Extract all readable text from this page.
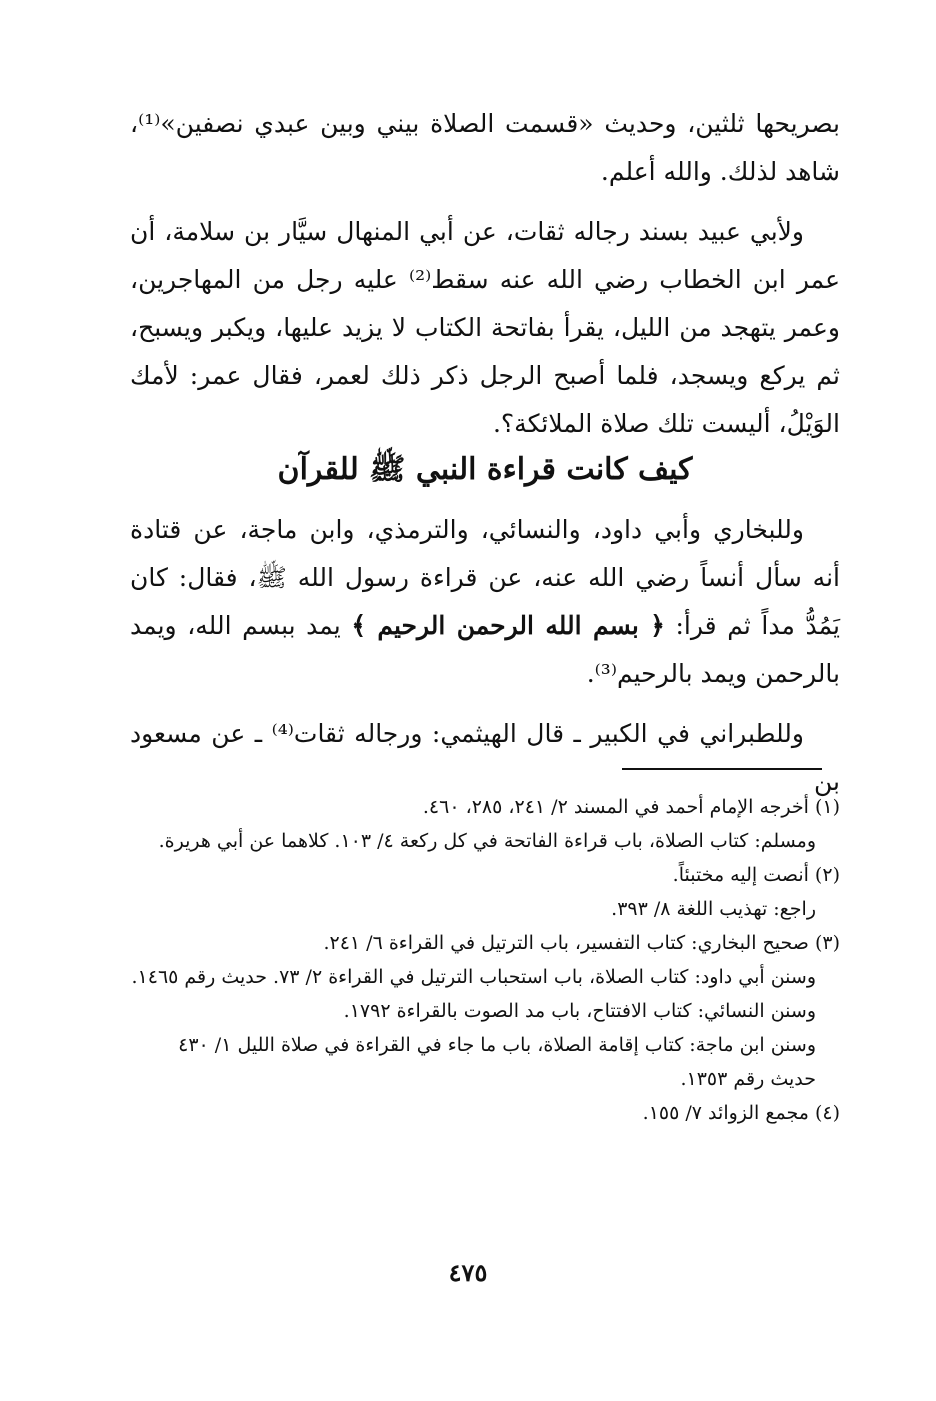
بصريحها ثلثين، وحديث «قسمت الصلاة بيني وبين عبدي نصفين»⁽¹⁾، شاهد لذلك. والله أعلم.

ولأبي عبيد بسند رجاله ثقات، عن أبي المنهال سيَّار بن سلامة، أن عمر ابن الخطاب رضي الله عنه سقط⁽²⁾ عليه رجل من المهاجرين، وعمر يتهجد من الليل، يقرأ بفاتحة الكتاب لا يزيد عليها، ويكبر ويسبح، ثم يركع ويسجد، فلما أصبح الرجل ذكر ذلك لعمر، فقال عمر: لأمك الوَيْلُ، أليست تلك صلاة الملائكة؟.

كيف كانت قراءة النبي ﷺ للقرآن

وللبخاري وأبي داود، والنسائي، والترمذي، وابن ماجة، عن قتادة أنه سأل أنساً رضي الله عنه، عن قراءة رسول الله ﷺ، فقال: كان يَمُدُّ مداً ثم قرأ: ﴿ بسم الله الرحمن الرحيم ﴾ يمد ببسم الله، ويمد بالرحمن ويمد بالرحيم⁽³⁾.

وللطبراني في الكبير ـ قال الهيثمي: ورجاله ثقات⁽⁴⁾ ـ عن مسعود بن

(١) أخرجه الإمام أحمد في المسند ٢/ ٢٤١، ٢٨٥، ٤٦٠.

ومسلم: كتاب الصلاة، باب قراءة الفاتحة في كل ركعة ٤/ ١٠٣. كلاهما عن أبي هريرة.

(٢) أنصت إليه مختبئاً.

راجع: تهذيب اللغة ٨/ ٣٩٣.

(٣) صحيح البخاري: كتاب التفسير، باب الترتيل في القراءة ٦/ ٢٤١.

وسنن أبي داود: كتاب الصلاة، باب استحباب الترتيل في القراءة ٢/ ٧٣. حديث رقم ١٤٦٥.

وسنن النسائي: كتاب الافتتاح، باب مد الصوت بالقراءة ١٧٩٢.

وسنن ابن ماجة: كتاب إقامة الصلاة، باب ما جاء في القراءة في صلاة الليل ١/ ٤٣٠ حديث رقم ١٣٥٣.

(٤) مجمع الزوائد ٧/ ١٥٥.

٤٧٥
